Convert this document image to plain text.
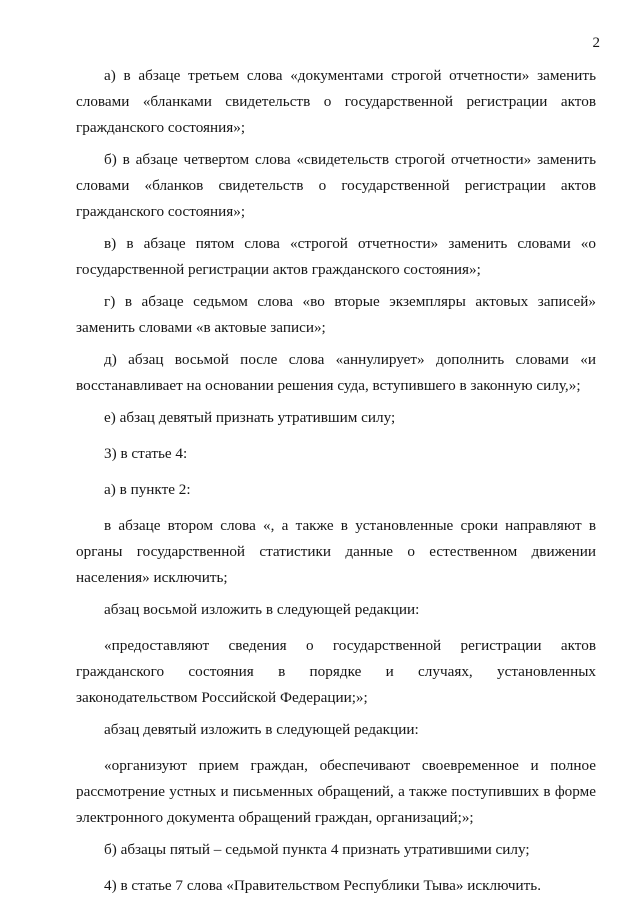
2

а) в абзаце третьем слова «документами строгой отчетности» заменить словами «бланками свидетельств о государственной регистрации актов гражданского состояния»;

б) в абзаце четвертом слова «свидетельств строгой отчетности» заменить словами «бланков свидетельств о государственной регистрации актов гражданского состояния»;

в) в абзаце пятом слова «строгой отчетности» заменить словами «о государственной регистрации актов гражданского состояния»;

г) в абзаце седьмом слова «во вторые экземпляры актовых записей» заменить словами «в актовые записи»;

д) абзац восьмой после слова «аннулирует» дополнить словами «и восстанавливает на основании решения суда, вступившего в законную силу,»;

е) абзац девятый признать утратившим силу;

3) в статье 4:

а) в пункте 2:

в абзаце втором слова «, а также в установленные сроки направляют в органы государственной статистики данные о естественном движении населения» исключить;

абзац восьмой изложить в следующей редакции:

«предоставляют сведения о государственной регистрации актов гражданского состояния в порядке и случаях, установленных законодательством Российской Федерации;»;

абзац девятый изложить в следующей редакции:

«организуют прием граждан, обеспечивают своевременное и полное рассмотрение устных и письменных обращений, а также поступивших в форме электронного документа обращений граждан, организаций;»;

б) абзацы пятый – седьмой пункта 4 признать утратившими силу;

4) в статье 7 слова «Правительством Республики Тыва» исключить.
